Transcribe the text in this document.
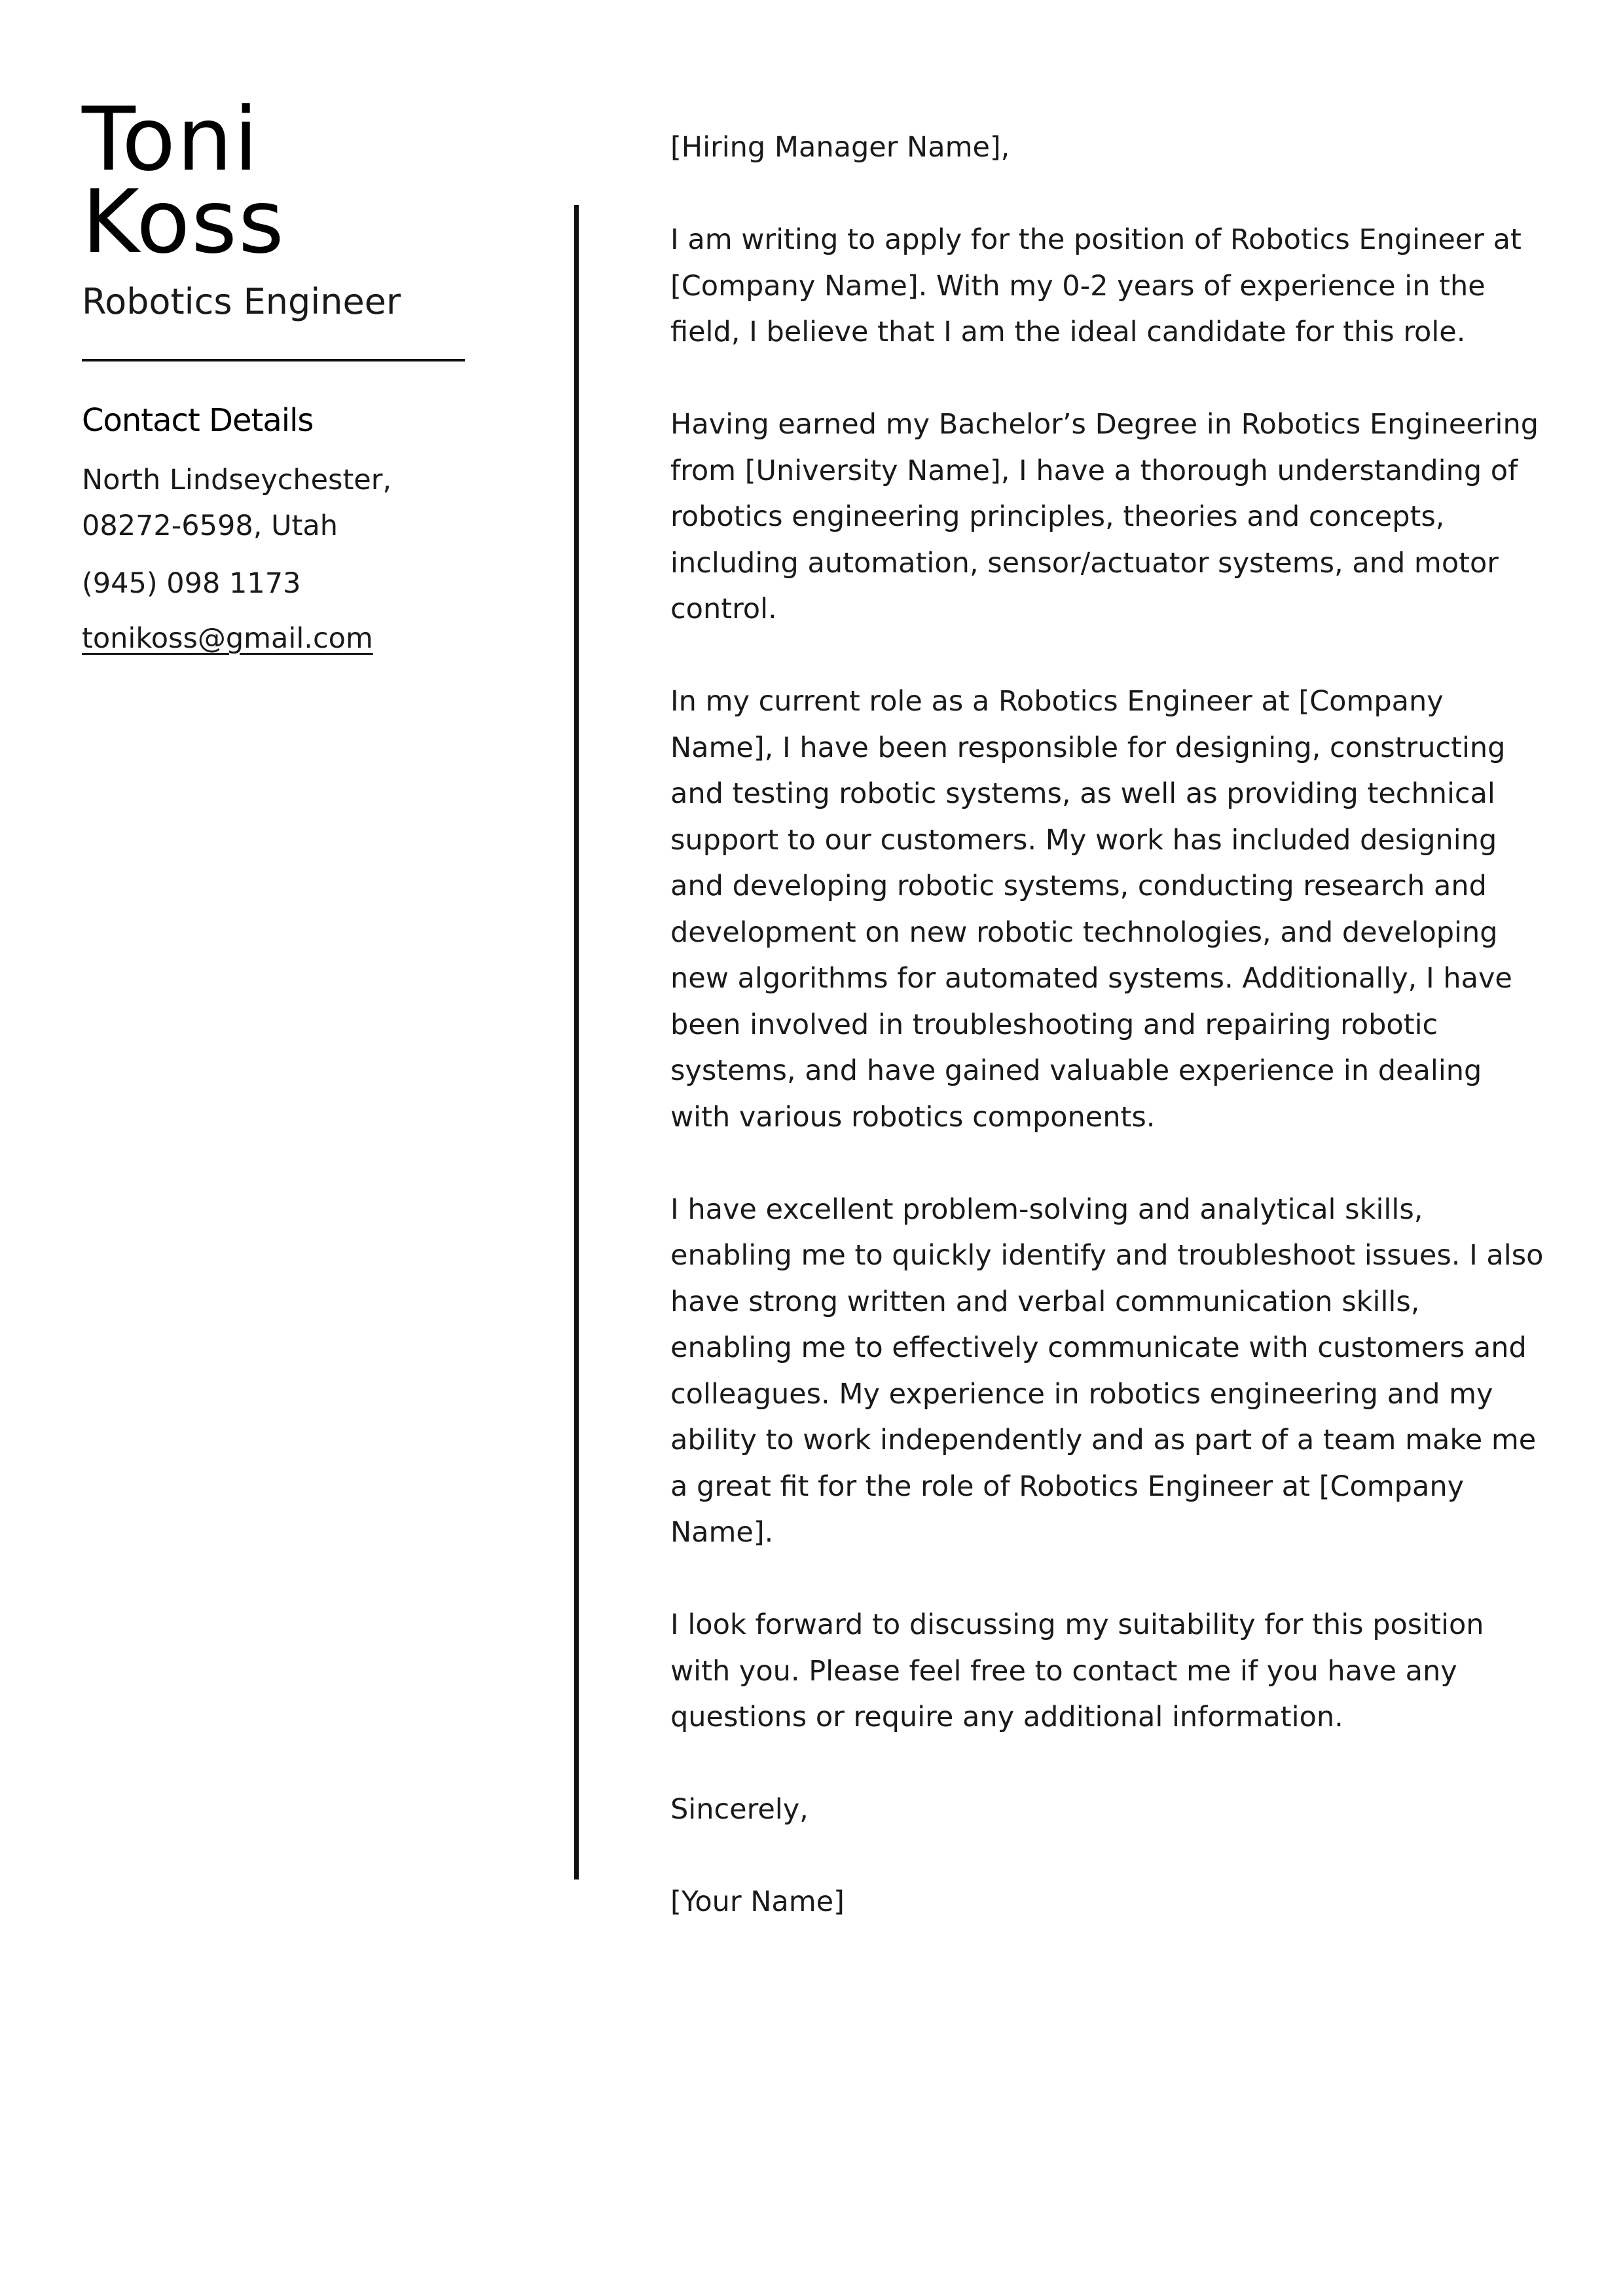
Toni
Koss
Robotics Engineer
Contact Details
North Lindseychester,
08272-6598, Utah
(945) 098 1173
tonikoss@gmail.com

[Hiring Manager Name],

I am writing to apply for the position of Robotics Engineer at [Company Name]. With my 0-2 years of experience in the field, I believe that I am the ideal candidate for this role.

Having earned my Bachelor’s Degree in Robotics Engineering from [University Name], I have a thorough understanding of robotics engineering principles, theories and concepts, including automation, sensor/actuator systems, and motor control.

In my current role as a Robotics Engineer at [Company Name], I have been responsible for designing, constructing and testing robotic systems, as well as providing technical support to our customers. My work has included designing and developing robotic systems, conducting research and development on new robotic technologies, and developing new algorithms for automated systems. Additionally, I have been involved in troubleshooting and repairing robotic systems, and have gained valuable experience in dealing with various robotics components.

I have excellent problem-solving and analytical skills, enabling me to quickly identify and troubleshoot issues. I also have strong written and verbal communication skills, enabling me to effectively communicate with customers and colleagues. My experience in robotics engineering and my ability to work independently and as part of a team make me a great fit for the role of Robotics Engineer at [Company Name].

I look forward to discussing my suitability for this position with you. Please feel free to contact me if you have any questions or require any additional information.

Sincerely,

[Your Name]
